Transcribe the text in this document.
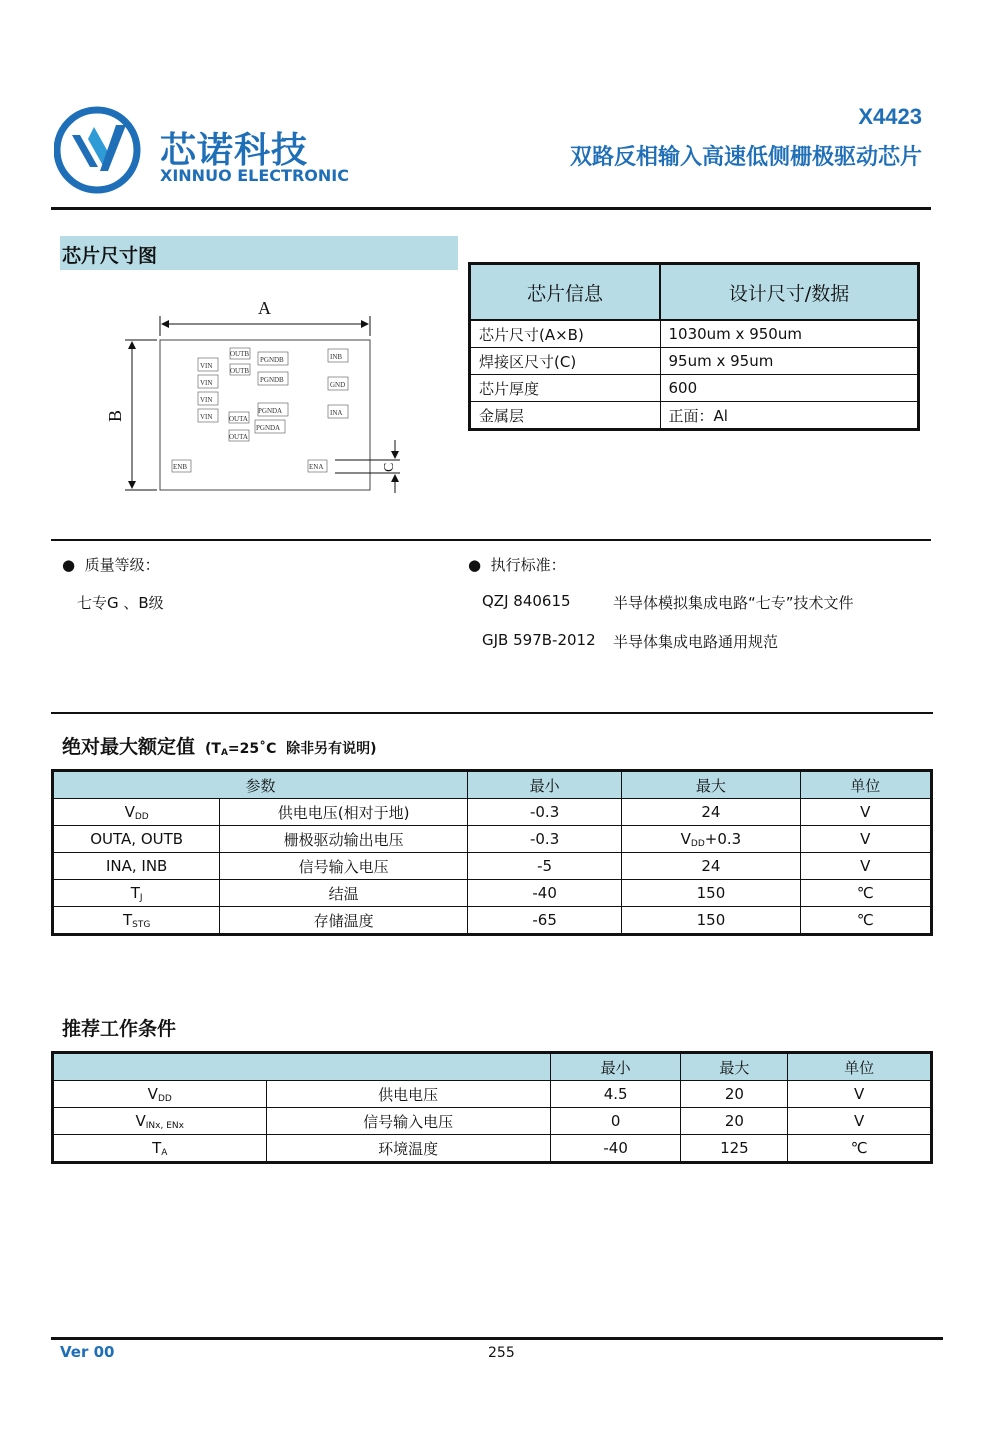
芯诺科技
XINNUO ELECTRONIC
X4423
双路反相输入高速低侧栅极驱动芯片
芯片尺寸图
A
B
C
OUTB
OUTB
PGNDB
PGNDB
INB
GND
INA
VIN
VIN
VIN
VIN
PGNDA
PGNDA
OUTA
OUTA
ENB	ENA
芯片信息	设计尺寸/数据
芯片尺寸(A×B)	1030um x 950um
焊接区尺寸(C)	95um x 95um
芯片厚度	600
金属层	正面：Al
●  质量等级：
七专G 、B级
●  执行标准：
QZJ 840615	半导体模拟集成电路“七专”技术文件
GJB 597B-2012 半导体集成电路通用规范
绝对最大额定值  ($T_A=25˚C$ 除非另有说明)
参数		最小	最大	单位
$V_{DD}$	供电电压(相对于地)	-0.3	24	V
OUTA, OUTB	栅极驱动输出电压	-0.3	$V_{DD}+0.3$	V
INA, INB	信号输入电压	-5	24	V
$T_J$	结温	-40	150	℃
$T_{STG}$	存储温度	-65	150	℃
推荐工作条件
		最小	最大	单位
$V_{DD}$	供电电压	4.5	20	V
$V_{INx, ENx}$	信号输入电压	0	20	V
$T_A$	环境温度	-40	125	℃
Ver 00	255
